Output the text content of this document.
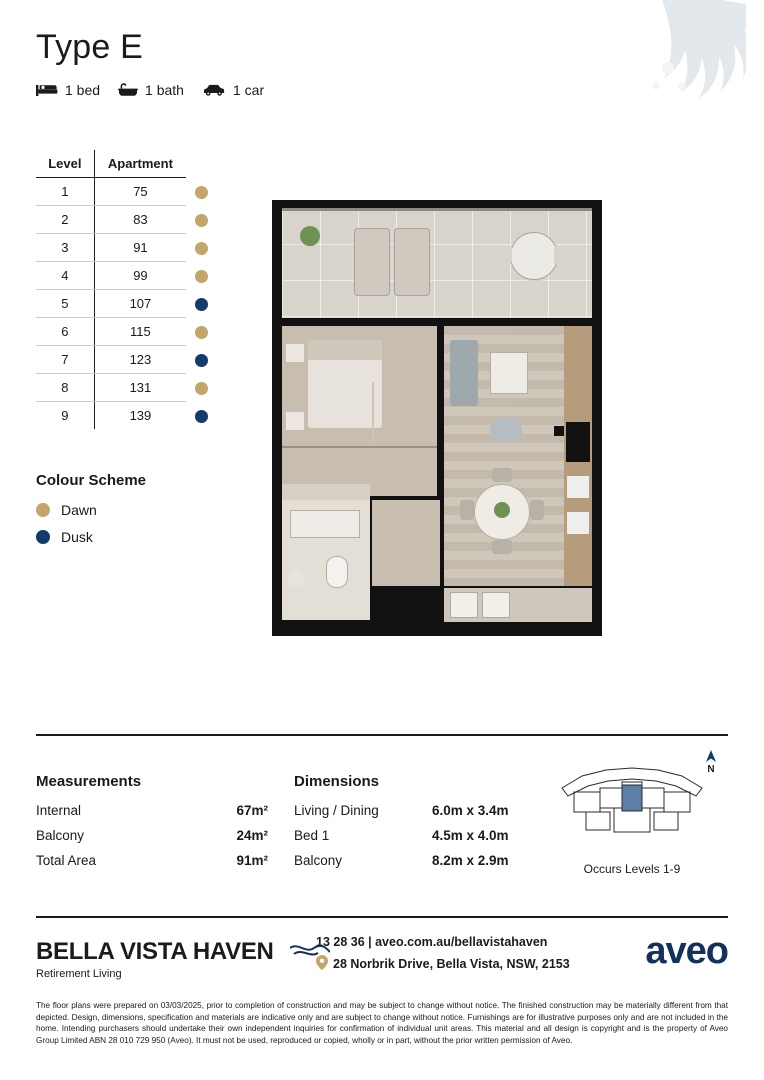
Type E
1 bed	1 bath	1 car
Level	Apartment	
1	75	
2	83	
3	91	
4	99	
5	107	
6	115	
7	123	
8	131	
9	139	
Colour Scheme
Dawn
Dusk
Measurements
Internal	67m²
Balcony	24m²
Total Area	91m²
Dimensions
Living / Dining	6.0m x 3.4m
Bed 1	4.5m x 4.0m
Balcony	8.2m x 2.9m
N
Occurs Levels 1-9
BELLA VISTA HAVEN
Retirement Living
13 28 36 | aveo.com.au/bellavistahaven
28 Norbrik Drive, Bella Vista, NSW, 2153 aveo
The floor plans were prepared on 03/03/2025, prior to completion of construction and may be subject to change without notice. The finished construction may be materially different from that depicted. Design, dimensions, specification and materials are indicative only and are subject to change without notice. Furnishings are for illustrative purposes only and are not included in the home. Intending purchasers should undertake their own independent inquiries for confirmation of individual unit areas. This material and all design is copyright and is the property of Aveo Group Limited ABN 28 010 729 950 (Aveo). It must not be used, reproduced or copied, wholly or in part, without the prior written permission of Aveo.
